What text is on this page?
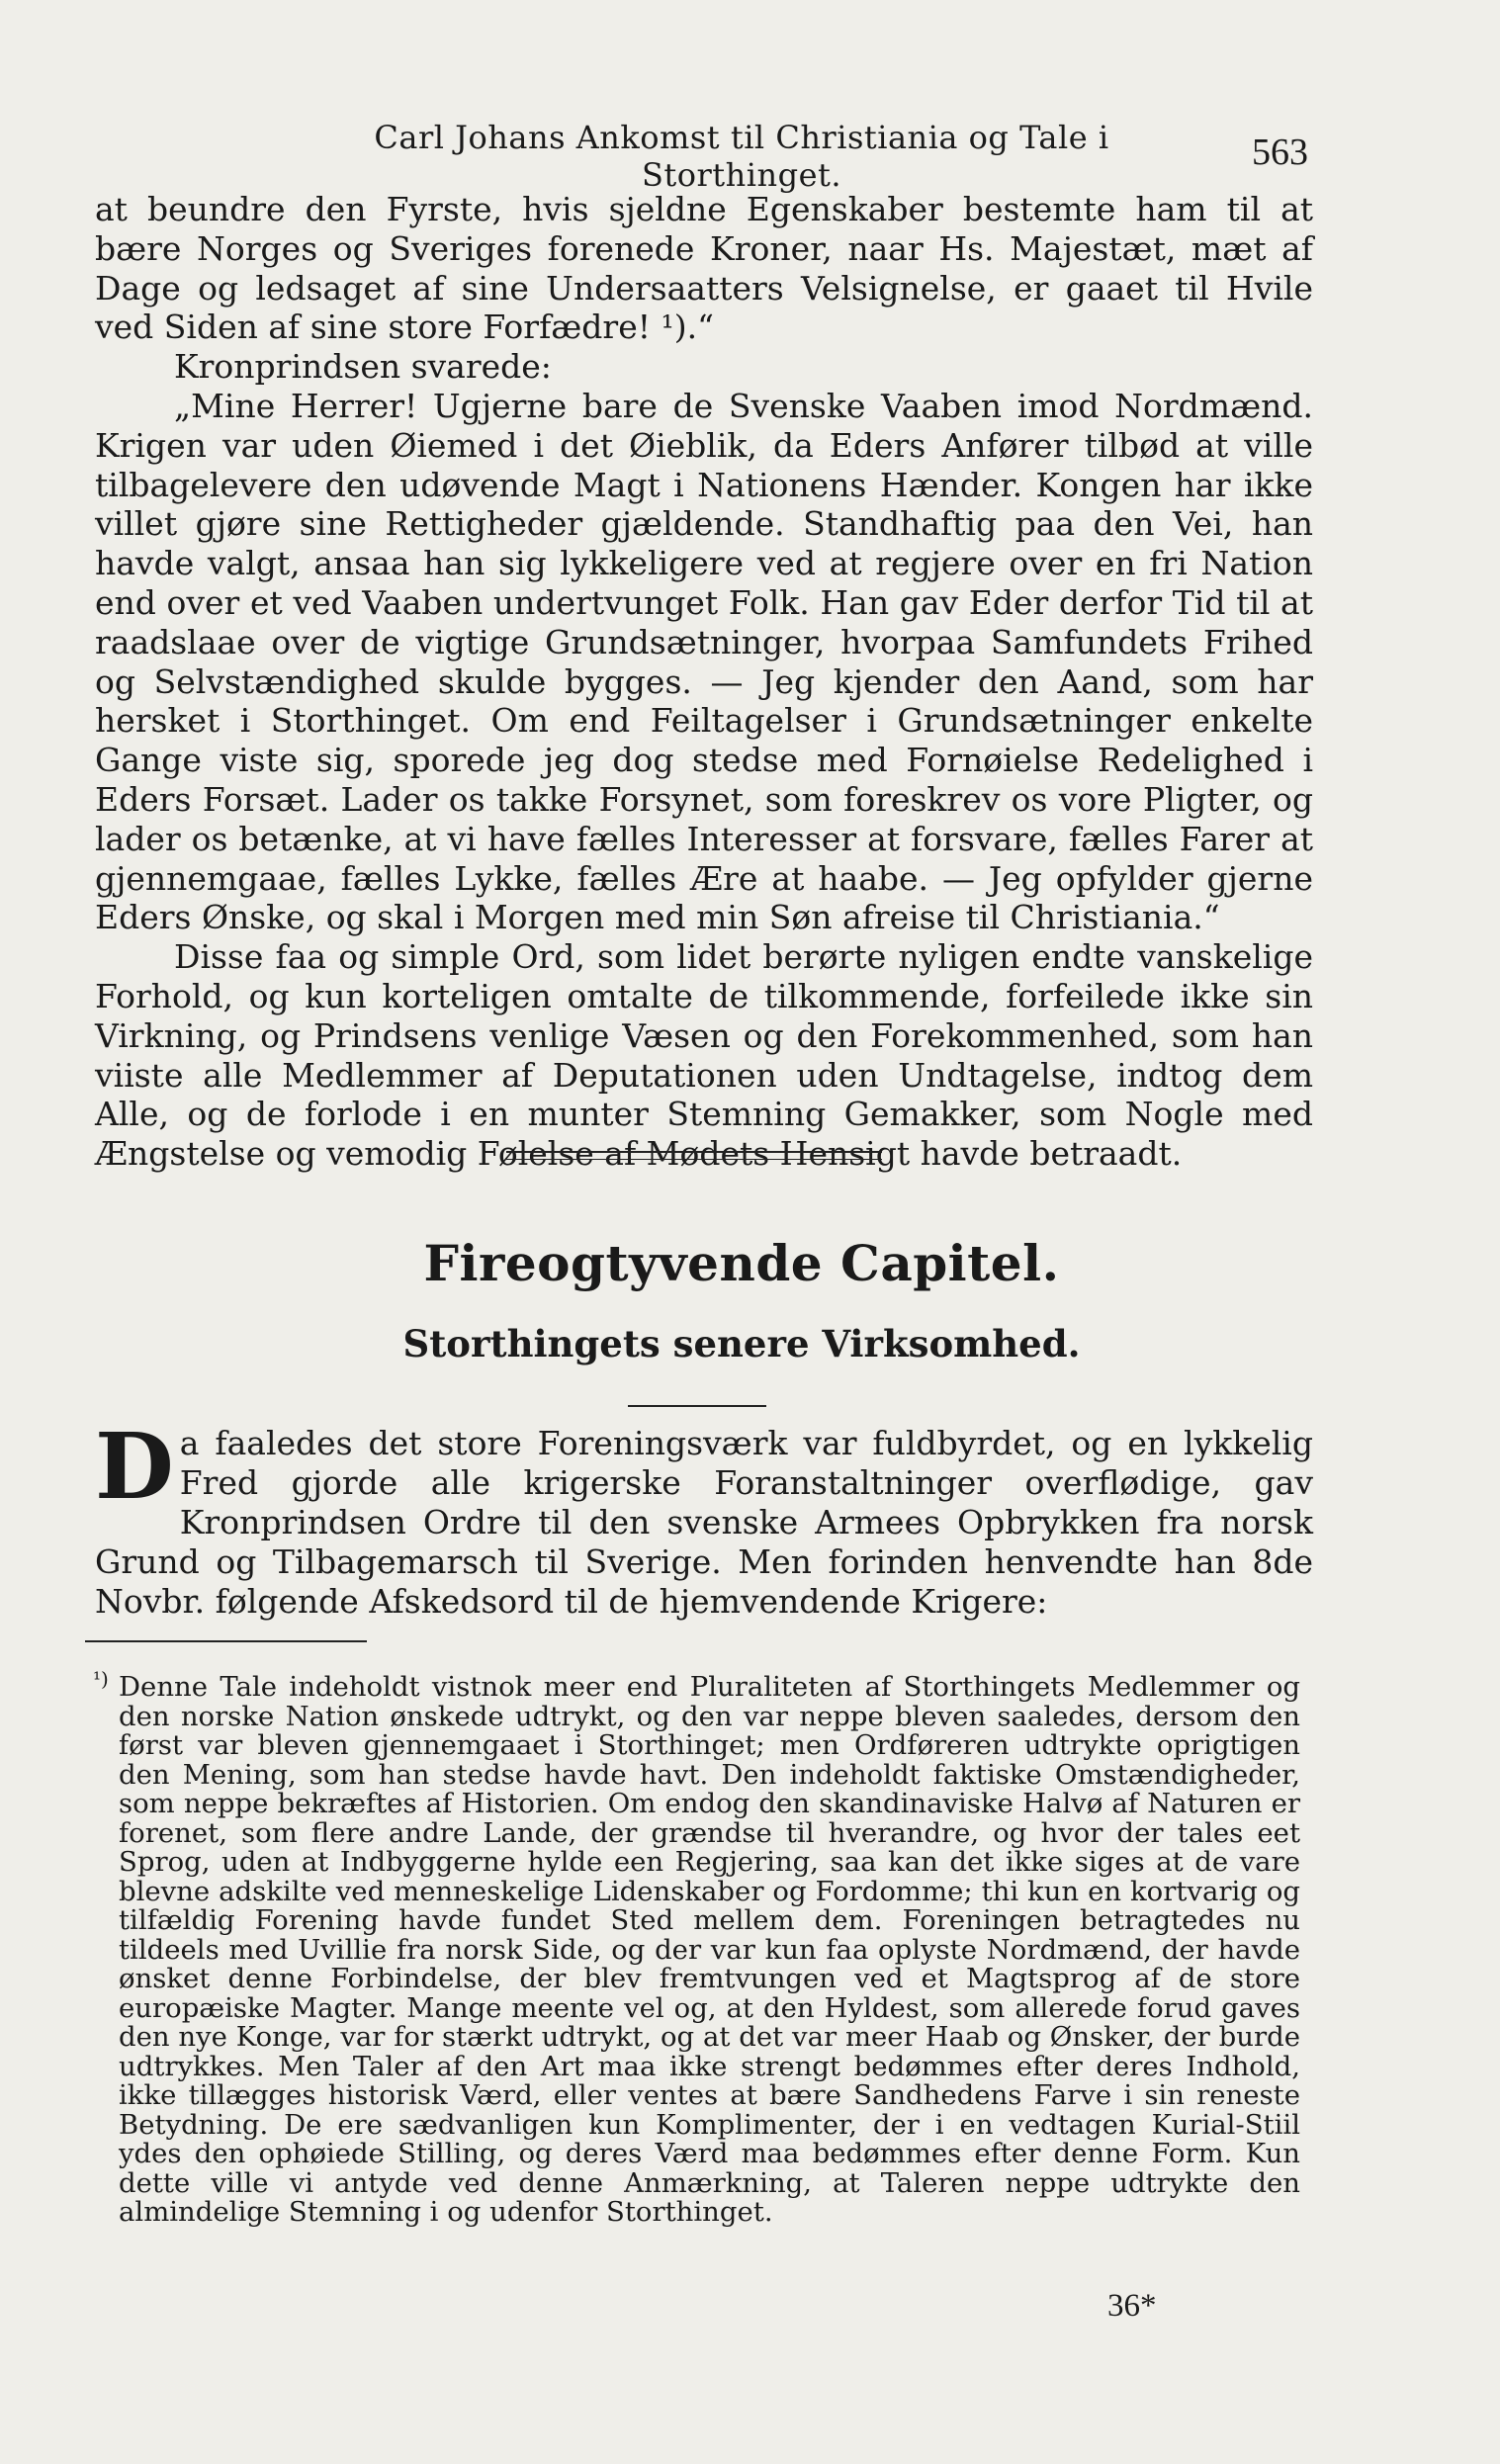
Carl Johans Ankomst til Christiania og Tale i Storthinget.
563

at beundre den Fyrste, hvis sjeldne Egenskaber bestemte ham til at bære Norges og Sveriges forenede Kroner, naar Hs. Majestæt, mæt af Dage og ledsaget af sine Undersaatters Velsignelse, er gaaet til Hvile ved Siden af sine store Forfædre! ¹).“

Kronprindsen svarede:

„Mine Herrer! Ugjerne bare de Svenske Vaaben imod Nordmænd. Krigen var uden Øiemed i det Øieblik, da Eders Anfører tilbød at ville tilbagelevere den udøvende Magt i Nationens Hænder. Kongen har ikke villet gjøre sine Rettigheder gjældende. Standhaftig paa den Vei, han havde valgt, ansaa han sig lykkeligere ved at regjere over en fri Nation end over et ved Vaaben undertvunget Folk. Han gav Eder derfor Tid til at raadslaae over de vigtige Grundsætninger, hvorpaa Samfundets Frihed og Selvstændighed skulde bygges. — Jeg kjender den Aand, som har hersket i Storthinget. Om end Feiltagelser i Grundsætninger enkelte Gange viste sig, sporede jeg dog stedse med Fornøielse Redelighed i Eders Forsæt. Lader os takke Forsynet, som foreskrev os vore Pligter, og lader os betænke, at vi have fælles Interesser at forsvare, fælles Farer at gjennemgaae, fælles Lykke, fælles Ære at haabe. — Jeg opfylder gjerne Eders Ønske, og skal i Morgen med min Søn afreise til Christiania.“

Disse faa og simple Ord, som lidet berørte nyligen endte vanskelige Forhold, og kun korteligen omtalte de tilkommende, forfeilede ikke sin Virkning, og Prindsens venlige Væsen og den Forekommenhed, som han viiste alle Medlemmer af Deputationen uden Undtagelse, indtog dem Alle, og de forlode i en munter Stemning Gemakker, som Nogle med Ængstelse og vemodig Følelse af Mødets Hensigt havde betraadt.

Fireogtyvende Capitel.
Storthingets senere Virksomhed.
D a faaledes det store Foreningsværk var fuldbyrdet, og en lykkelig Fred gjorde alle krigerske Foranstaltninger overflødige, gav Kronprindsen Ordre til den svenske Armees Opbrykken fra norsk Grund og Tilbagemarsch til Sverige. Men forinden henvendte han 8de Novbr. følgende Afskedsord til de hjemvendende Krigere:
¹) Denne Tale indeholdt vistnok meer end Pluraliteten af Storthingets Medlemmer og den norske Nation ønskede udtrykt, og den var neppe bleven saaledes, dersom den først var bleven gjennemgaaet i Storthinget; men Ordføreren udtrykte oprigtigen den Mening, som han stedse havde havt. Den indeholdt faktiske Omstændigheder, som neppe bekræftes af Historien. Om endog den skandinaviske Halvø af Naturen er forenet, som flere andre Lande, der grændse til hverandre, og hvor der tales eet Sprog, uden at Indbyggerne hylde een Regjering, saa kan det ikke siges at de vare blevne adskilte ved menneskelige Lidenskaber og Fordomme; thi kun en kortvarig og tilfældig Forening havde fundet Sted mellem dem. Foreningen betragtedes nu tildeels med Uvillie fra norsk Side, og der var kun faa oplyste Nordmænd, der havde ønsket denne Forbindelse, der blev fremtvungen ved et Magtsprog af de store europæiske Magter. Mange meente vel og, at den Hyldest, som allerede forud gaves den nye Konge, var for stærkt udtrykt, og at det var meer Haab og Ønsker, der burde udtrykkes. Men Taler af den Art maa ikke strengt bedømmes efter deres Indhold, ikke tillægges historisk Værd, eller ventes at bære Sandhedens Farve i sin reneste Betydning. De ere sædvanligen kun Komplimenter, der i en vedtagen Kurial-Stiil ydes den ophøiede Stilling, og deres Værd maa bedømmes efter denne Form. Kun dette ville vi antyde ved denne Anmærkning, at Taleren neppe udtrykte den almindelige Stemning i og udenfor Storthinget.
36*
